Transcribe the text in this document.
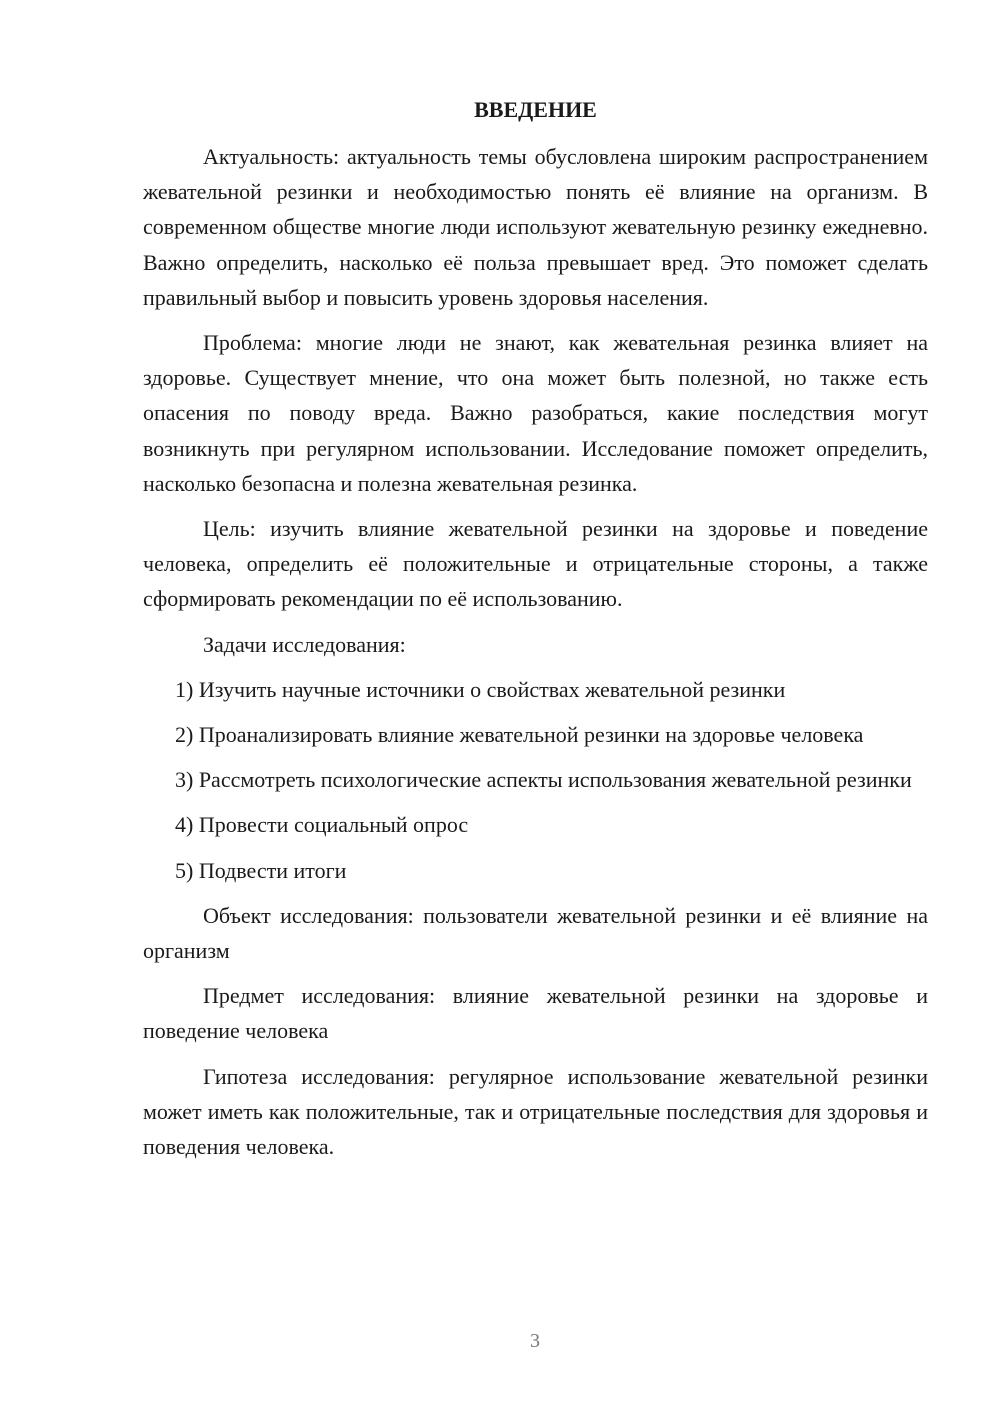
ВВЕДЕНИЕ

Актуальность: актуальность темы обусловлена широким распространением жевательной резинки и необходимостью понять её влияние на организм. В современном обществе многие люди используют жевательную резинку ежедневно. Важно определить, насколько её польза превышает вред. Это поможет сделать правильный выбор и повысить уровень здоровья населения.

Проблема: многие люди не знают, как жевательная резинка влияет на здоровье. Существует мнение, что она может быть полезной, но также есть опасения по поводу вреда. Важно разобраться, какие последствия могут возникнуть при регулярном использовании. Исследование поможет определить, насколько безопасна и полезна жевательная резинка.

Цель: изучить влияние жевательной резинки на здоровье и поведение человека, определить её положительные и отрицательные стороны, а также сформировать рекомендации по её использованию.

Задачи исследования:

1) Изучить научные источники о свойствах жевательной резинки

2) Проанализировать влияние жевательной резинки на здоровье человека

3) Рассмотреть психологические аспекты использования жевательной резинки

4) Провести социальный опрос

5) Подвести итоги

Объект исследования: пользователи жевательной резинки и её влияние на организм

Предмет исследования: влияние жевательной резинки на здоровье и поведение человека

Гипотеза исследования: регулярное использование жевательной резинки может иметь как положительные, так и отрицательные последствия для здоровья и поведения человека.

3
